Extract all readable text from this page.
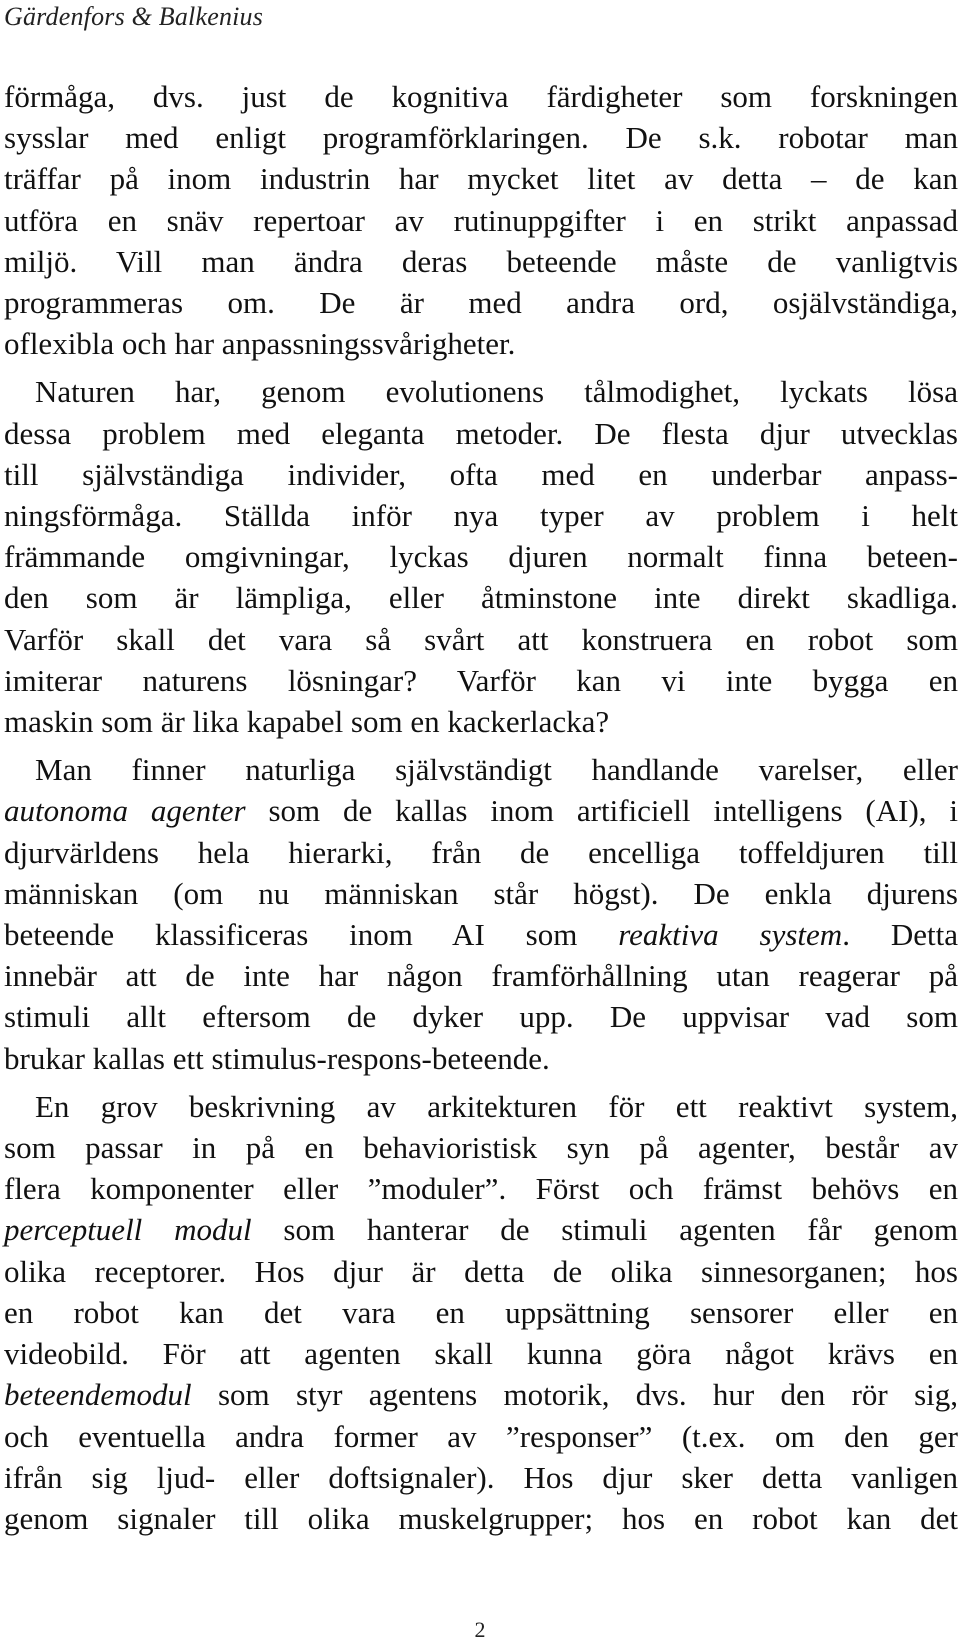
Gärdenfors & Balkenius

förmåga, dvs. just de kognitiva färdigheter som forskningen
sysslar med enligt programförklaringen. De s.k. robotar man
träffar på inom industrin har mycket litet av detta – de kan
utföra en snäv repertoar av rutinuppgifter i en strikt anpassad
miljö. Vill man ändra deras beteende måste de vanligtvis
programmeras om. De är med andra ord, osjälvständiga,
oflexibla och har anpassningssvårigheter.

Naturen har, genom evolutionens tålmodighet, lyckats lösa
dessa problem med eleganta metoder. De flesta djur utvecklas
till självständiga individer, ofta med en underbar anpass-
ningsförmåga. Ställda inför nya typer av problem i helt
främmande omgivningar, lyckas djuren normalt finna beteen-
den som är lämpliga, eller åtminstone inte direkt skadliga.
Varför skall det vara så svårt att konstruera en robot som
imiterar naturens lösningar? Varför kan vi inte bygga en
maskin som är lika kapabel som en kackerlacka?

Man finner naturliga självständigt handlande varelser, eller
autonoma agenter som de kallas inom artificiell intelligens (AI), i
djurvärldens hela hierarki, från de encelliga toffeldjuren till
människan (om nu människan står högst). De enkla djurens
beteende klassificeras inom AI som reaktiva system. Detta
innebär att de inte har någon framförhållning utan reagerar på
stimuli allt eftersom de dyker upp. De uppvisar vad som
brukar kallas ett stimulus-respons-beteende.

En grov beskrivning av arkitekturen för ett reaktivt system,
som passar in på en behavioristisk syn på agenter, består av
flera komponenter eller ”moduler”. Först och främst behövs en
perceptuell modul som hanterar de stimuli agenten får genom
olika receptorer. Hos djur är detta de olika sinnesorganen; hos
en robot kan det vara en uppsättning sensorer eller en
videobild. För att agenten skall kunna göra något krävs en
beteendemodul som styr agentens motorik, dvs. hur den rör sig,
och eventuella andra former av ”responser” (t.ex. om den ger
ifrån sig ljud- eller doftsignaler). Hos djur sker detta vanligen
genom signaler till olika muskelgrupper; hos en robot kan det

2
